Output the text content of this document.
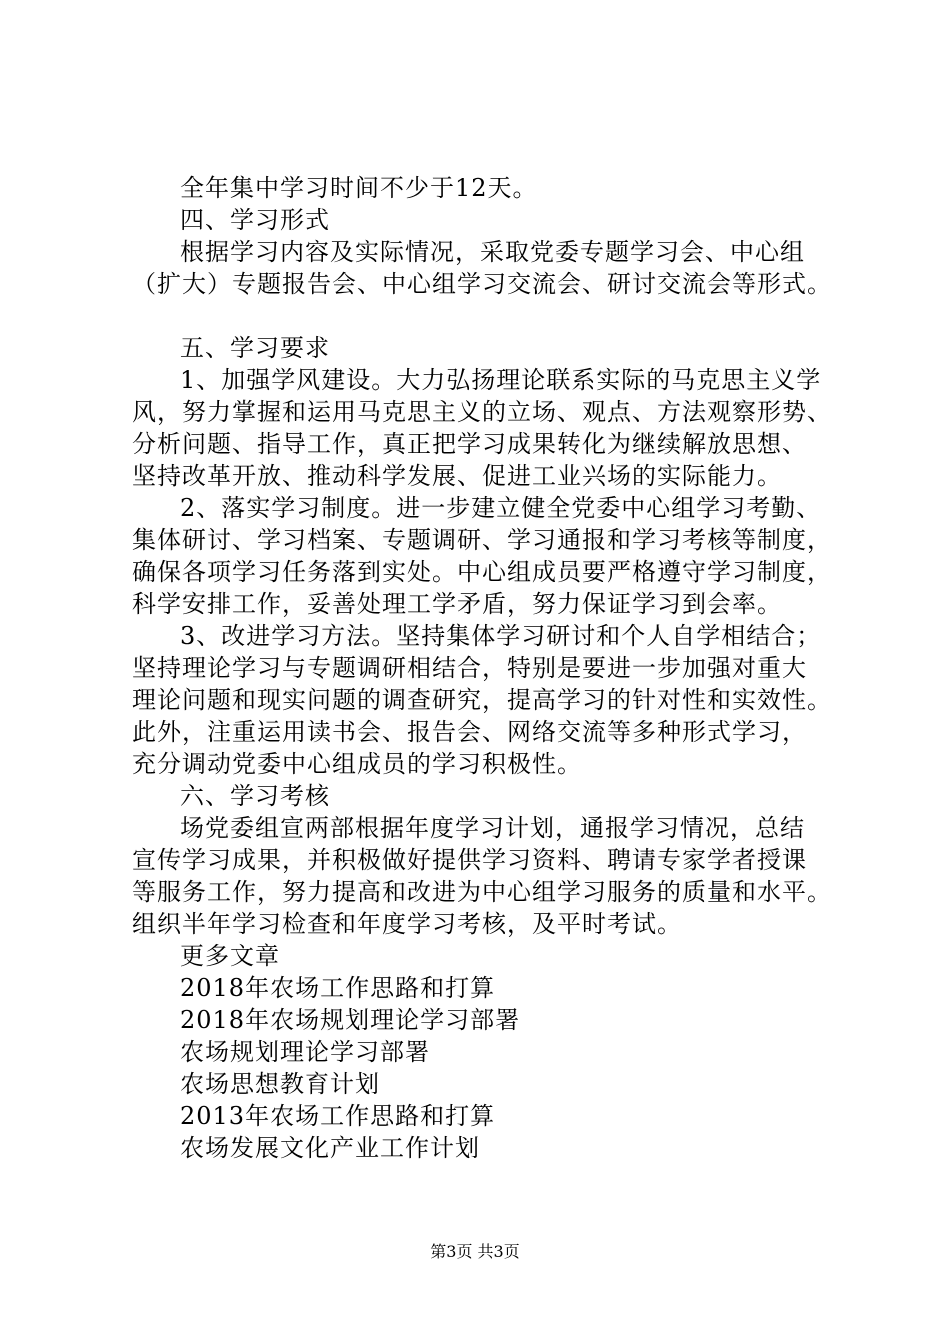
全年集中学习时间不少于12天。
四、学习形式
根据学习内容及实际情况，采取党委专题学习会、中心组
（扩大）专题报告会、中心组学习交流会、研讨交流会等形式。
五、学习要求
1、加强学风建设。大力弘扬理论联系实际的马克思主义学
风，努力掌握和运用马克思主义的立场、观点、方法观察形势、
分析问题、指导工作，真正把学习成果转化为继续解放思想、
坚持改革开放、推动科学发展、促进工业兴场的实际能力。
2、落实学习制度。进一步建立健全党委中心组学习考勤、
集体研讨、学习档案、专题调研、学习通报和学习考核等制度，
确保各项学习任务落到实处。中心组成员要严格遵守学习制度，
科学安排工作，妥善处理工学矛盾，努力保证学习到会率。
3、改进学习方法。坚持集体学习研讨和个人自学相结合；
坚持理论学习与专题调研相结合，特别是要进一步加强对重大
理论问题和现实问题的调查研究，提高学习的针对性和实效性。
此外，注重运用读书会、报告会、网络交流等多种形式学习，
充分调动党委中心组成员的学习积极性。
六、学习考核
场党委组宣两部根据年度学习计划，通报学习情况，总结
宣传学习成果，并积极做好提供学习资料、聘请专家学者授课
等服务工作，努力提高和改进为中心组学习服务的质量和水平。
组织半年学习检查和年度学习考核，及平时考试。
更多文章
2018年农场工作思路和打算
2018年农场规划理论学习部署
农场规划理论学习部署
农场思想教育计划
2013年农场工作思路和打算
农场发展文化产业工作计划
第3页 共3页
